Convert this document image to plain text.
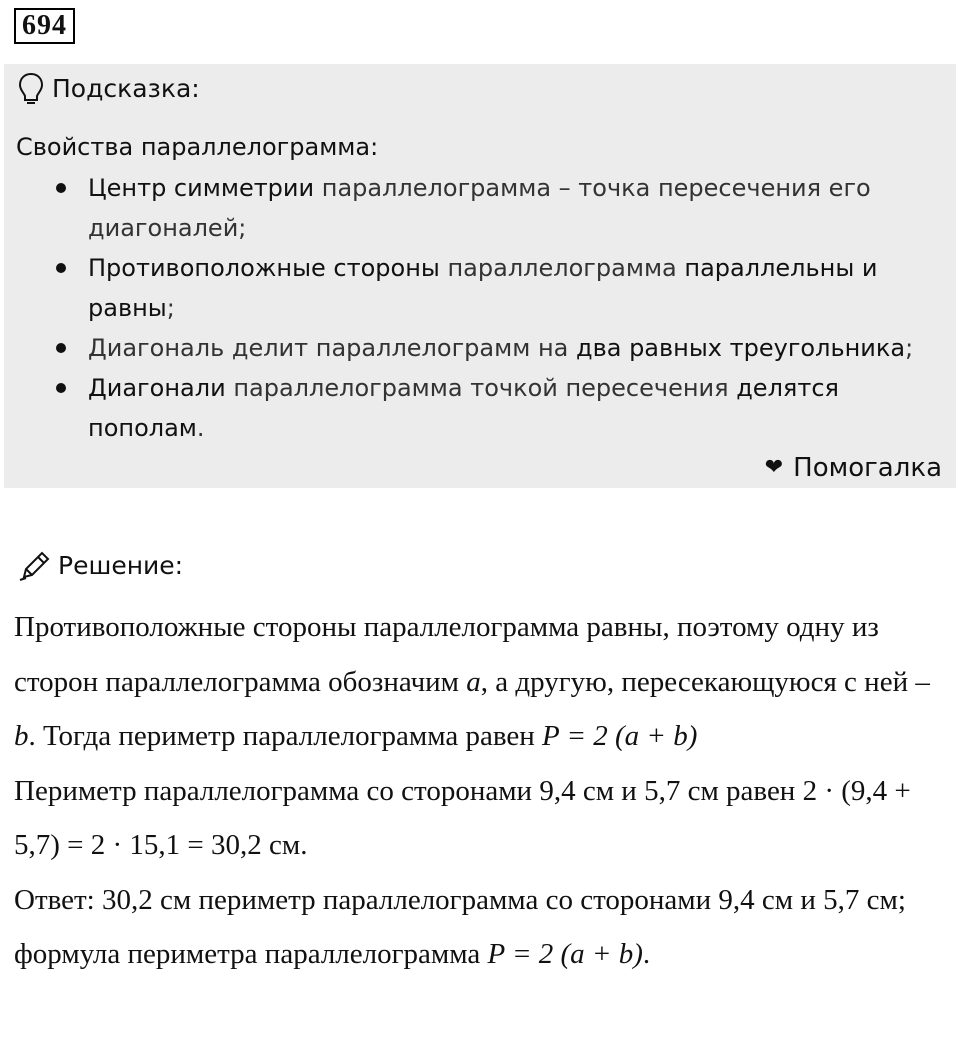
694
Подсказка:
Свойства параллелограмма:
Центр симметрии параллелограмма – точка пересечения его диагоналей;
Противоположные стороны параллелограмма параллельны и равны;
Диагональ делит параллелограмм на два равных треугольника;
Диагонали параллелограмма точкой пересечения делятся пополам.
❤ Помогалка
Решение:
Противоположные стороны параллелограмма равны, поэтому одну из сторон параллелограмма обозначим a, а другую, пересекающуюся с ней – b. Тогда периметр параллелограмма равен P = 2 (a + b)
Периметр параллелограмма со сторонами 9,4 см и 5,7 см равен 2 · (9,4 + 5,7) = 2 · 15,1 = 30,2 см.
Ответ: 30,2 см периметр параллелограмма со сторонами 9,4 см и 5,7 см; формула периметра параллелограмма P = 2 (a + b).
